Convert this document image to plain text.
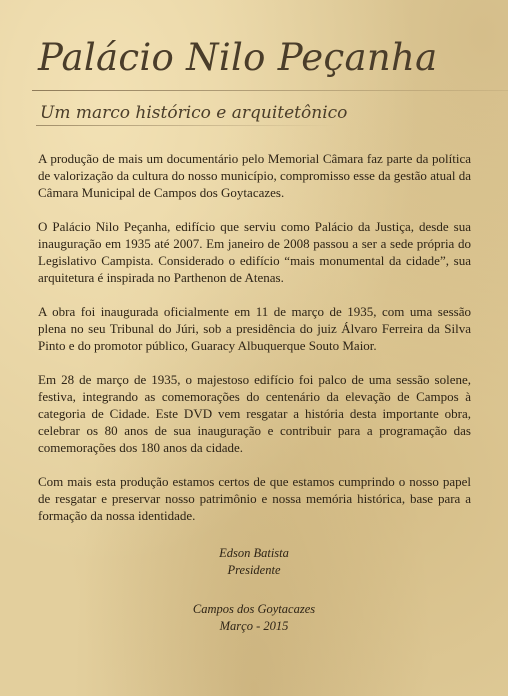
Palácio Nilo Peçanha
Um marco histórico e arquitetônico

A produção de mais um documentário pelo Memorial Câmara faz parte da política de valorização da cultura do nosso município, compromisso esse da gestão atual da Câmara Municipal de Campos dos Goytacazes.

O Palácio Nilo Peçanha, edifício que serviu como Palácio da Justiça, desde sua inauguração em 1935 até 2007. Em janeiro de 2008 passou a ser a sede própria do Legislativo Campista. Considerado o edifício “mais monumental da cidade”, sua arquitetura é inspirada no Parthenon de Atenas.

A obra foi inaugurada oficialmente em 11 de março de 1935, com uma sessão plena no seu Tribunal do Júri, sob a presidência do juiz Álvaro Ferreira da Silva Pinto e do promotor público, Guaracy Albuquerque Souto Maior.

Em 28 de março de 1935, o majestoso edifício foi palco de uma sessão solene, festiva, integrando as comemorações do centenário da elevação de Campos à categoria de Cidade. Este DVD vem resgatar a história desta importante obra, celebrar os 80 anos de sua inauguração e contribuir para a programação das comemorações dos 180 anos da cidade.

Com mais esta produção estamos certos de que estamos cumprindo o nosso papel de resgatar e preservar nosso patrimônio e nossa memória histórica, base para a formação da nossa identidade.

Edson Batista
Presidente
Campos dos Goytacazes
Março - 2015
